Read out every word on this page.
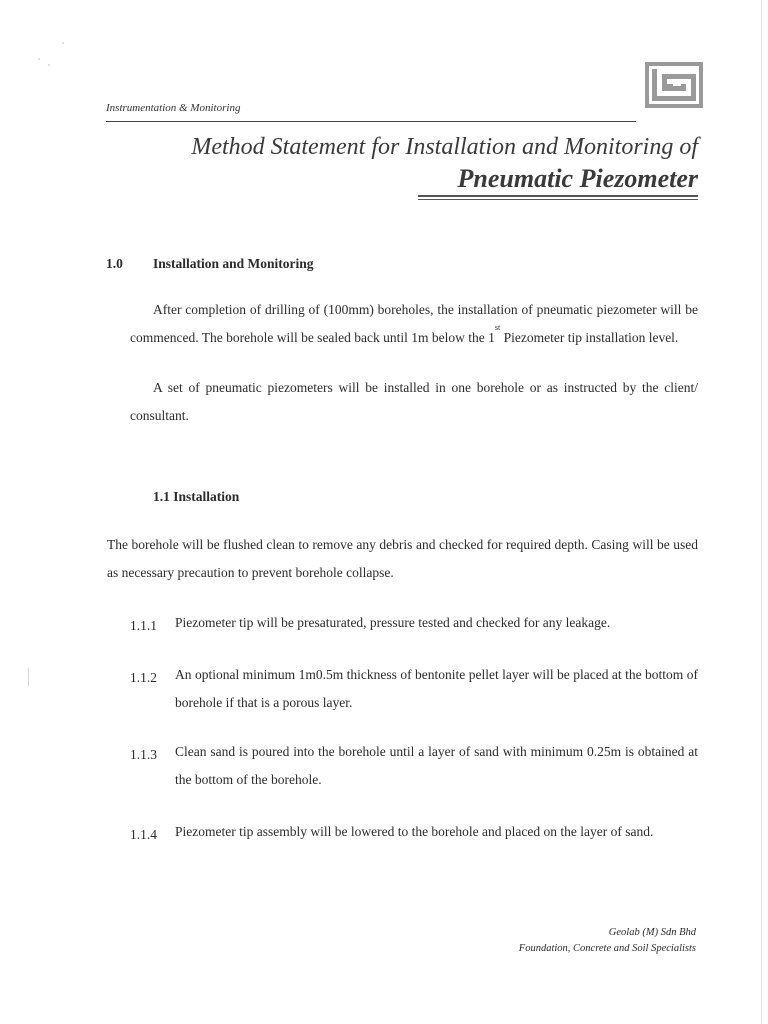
Instrumentation & Monitoring
Method Statement for Installation and Monitoring of
Pneumatic Piezometer
1.0 Installation and Monitoring

After completion of drilling of (100mm) boreholes, the installation of pneumatic piezometer will be commenced. The borehole will be sealed back until 1m below the 1st Piezometer tip installation level.

A set of pneumatic piezometers will be installed in one borehole or as instructed by the client/ consultant.

1.1 Installation

The borehole will be flushed clean to remove any debris and checked for required depth. Casing will be used as necessary precaution to prevent borehole collapse.

1.1.1 Piezometer tip will be presaturated, pressure tested and checked for any leakage.

1.1.2 An optional minimum 1m0.5m thickness of bentonite pellet layer will be placed at the bottom of borehole if that is a porous layer.

1.1.3 Clean sand is poured into the borehole until a layer of sand with minimum 0.25m is obtained at the bottom of the borehole.

1.1.4 Piezometer tip assembly will be lowered to the borehole and placed on the layer of sand.

Geolab (M) Sdn Bhd
Foundation, Concrete and Soil Specialists
